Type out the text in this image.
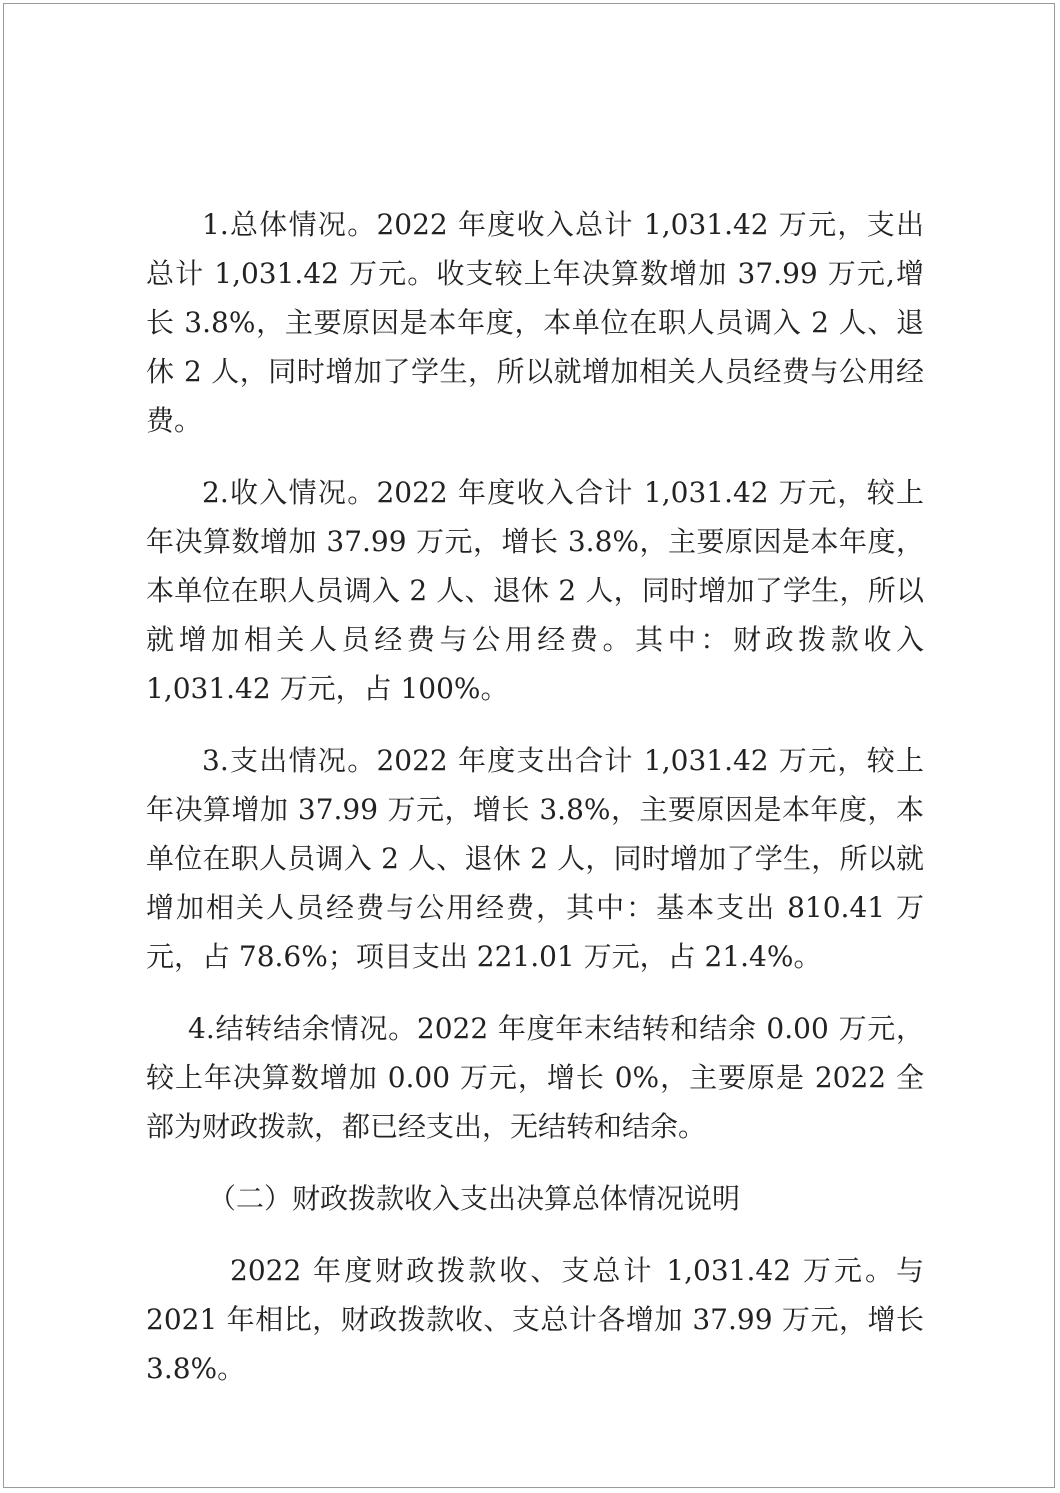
1.总体情况。2022 年度收入总计 1,031.42 万元，支出总计 1,031.42 万元。收支较上年决算数增加 37.99 万元,增长 3.8%，主要原因是本年度，本单位在职人员调入 2 人、退休 2 人，同时增加了学生，所以就增加相关人员经费与公用经费。

2.收入情况。2022 年度收入合计 1,031.42 万元，较上年决算数增加 37.99 万元，增长 3.8%，主要原因是本年度，本单位在职人员调入 2 人、退休 2 人，同时增加了学生，所以就增加相关人员经费与公用经费。其中：财政拨款收入 1,031.42 万元，占 100%。

3.支出情况。2022 年度支出合计 1,031.42 万元，较上年决算增加 37.99 万元，增长 3.8%，主要原因是本年度，本单位在职人员调入 2 人、退休 2 人，同时增加了学生，所以就增加相关人员经费与公用经费，其中：基本支出 810.41 万元，占 78.6%；项目支出 221.01 万元，占 21.4%。

4.结转结余情况。2022 年度年末结转和结余 0.00 万元，较上年决算数增加 0.00 万元，增长 0%，主要原是 2022 全部为财政拨款，都已经支出，无结转和结余。

（二）财政拨款收入支出决算总体情况说明

2022 年度财政拨款收、支总计 1,031.42 万元。与 2021 年相比，财政拨款收、支总计各增加 37.99 万元，增长 3.8%。
